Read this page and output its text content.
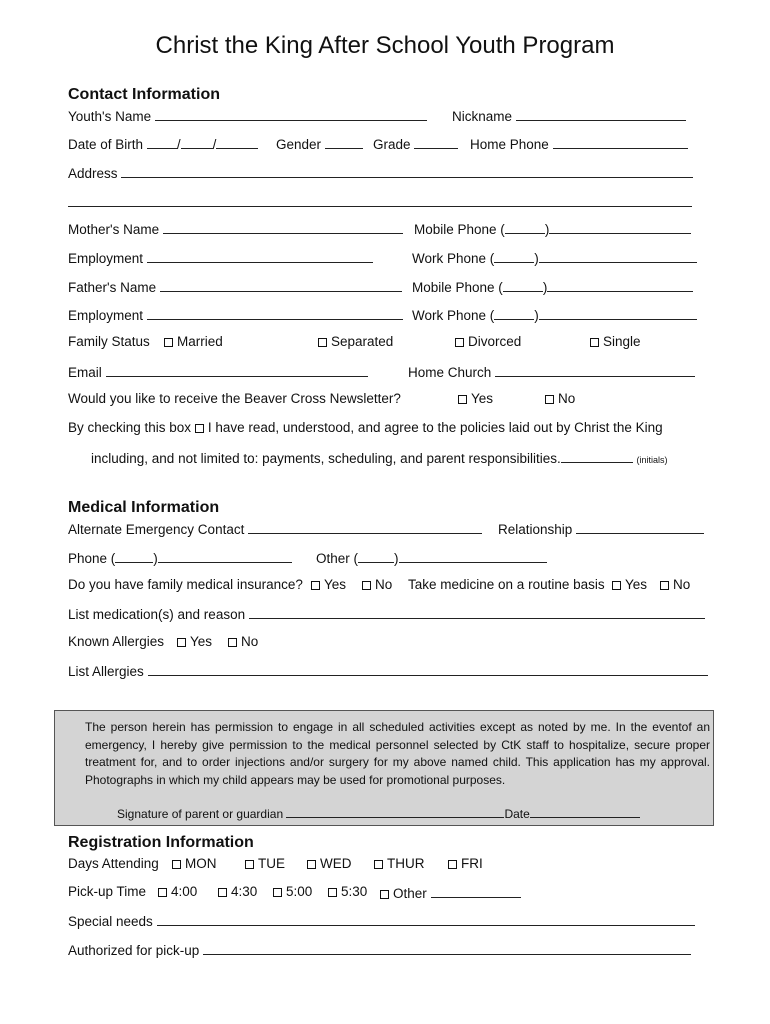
Christ the King After School Youth Program
Contact Information
Youth's Name	Nickname
Date of Birth	/ /	Gender	Grade	Home Phone
Address
Mother's Name	Mobile Phone (	)
Employment	Work Phone (	)
Father's Name	Mobile Phone (	)
Employment	Work Phone (	)
Family Status	Married	Separated	Divorced	Single
Email	Home Church
Would you like to receive the Beaver Cross Newsletter?	Yes	No
By checking this box I have read, understood, and agree to the policies laid out by Christ the King
including, and not limited to: payments, scheduling, and parent responsibilities.	(initials)
Medical Information
Alternate Emergency Contact	Relationship
Phone (	)	Other (	)
Do you have family medical insurance?	Yes	No Take medicine on a routine basis	Yes	No
List medication(s) and reason
Known Allergies	Yes	No
List Allergies

The person herein has permission to engage in all scheduled activities except as noted by me. In the eventof an emergency, I hereby give permission to the medical personnel selected by CtK staff to hospitalize, secure proper treatment for, and to order injections and/or surgery for my above named child. This application has my approval. Photographs in which my child appears may be used for promotional purposes.

Signature of parent or guardian	Date
Registration Information
Days Attending	MON	TUE	WED	THUR	FRI
Pick-up Time	4:00	4:30	5:00	5:30	Other
Special needs
Authorized for pick-up
